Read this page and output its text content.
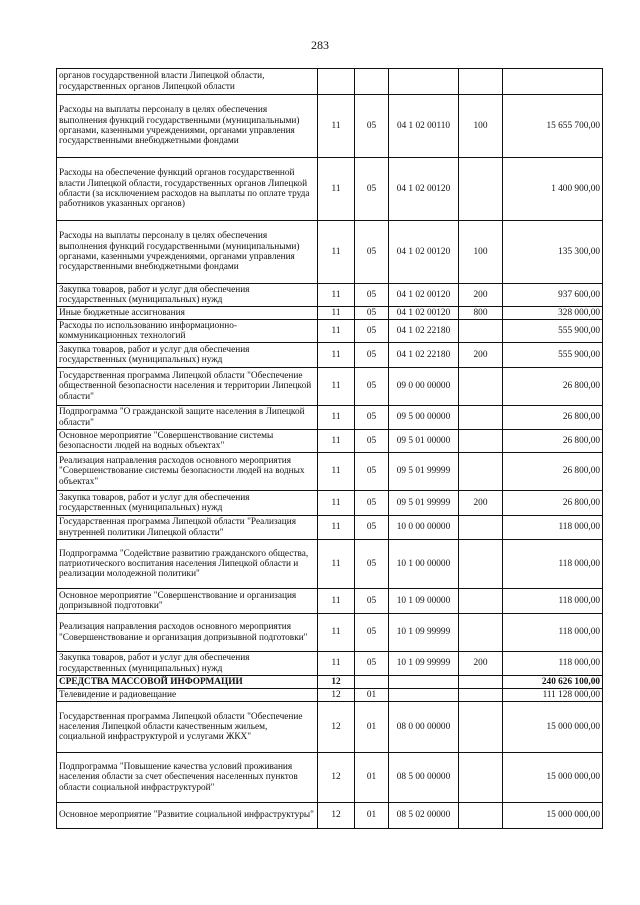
283
органов государственной власти Липецкой области, государственных органов Липецкой области					
Расходы на выплаты персоналу в целях обеспечения выполнения функций государственными (муниципальными) органами, казенными учреждениями, органами управления государственными внебюджетными фондами	11	05	04 1 02 00110	100	15 655 700,00
Расходы на обеспечение функций органов государственной власти Липецкой области, государственных органов Липецкой области (за исключением расходов на выплаты по оплате труда работников указанных органов)	11	05	04 1 02 00120		1 400 900,00
Расходы на выплаты персоналу в целях обеспечения выполнения функций государственными (муниципальными) органами, казенными учреждениями, органами управления государственными внебюджетными фондами	11	05	04 1 02 00120	100	135 300,00
Закупка товаров, работ и услуг для обеспечения государственных (муниципальных) нужд	11	05	04 1 02 00120	200	937 600,00
Иные бюджетные ассигнования	11	05	04 1 02 00120	800	328 000,00
Расходы по использованию информационно-коммуникационных технологий	11	05	04 1 02 22180		555 900,00
Закупка товаров, работ и услуг для обеспечения государственных (муниципальных) нужд	11	05	04 1 02 22180	200	555 900,00
Государственная программа Липецкой области "Обеспечение общественной безопасности населения и территории Липецкой области"	11	05	09 0 00 00000		26 800,00
Подпрограмма "О гражданской защите населения в Липецкой области"	11	05	09 5 00 00000		26 800,00
Основное мероприятие "Совершенствование системы безопасности людей на водных объектах"	11	05	09 5 01 00000		26 800,00
Реализация направления расходов основного мероприятия "Совершенствование системы безопасности людей на водных объектах"	11	05	09 5 01 99999		26 800,00
Закупка товаров, работ и услуг для обеспечения государственных (муниципальных) нужд	11	05	09 5 01 99999	200	26 800,00
Государственная программа Липецкой области "Реализация внутренней политики Липецкой области"	11	05	10 0 00 00000		118 000,00
Подпрограмма "Содействие развитию гражданского общества, патриотического воспитания населения Липецкой области и реализации молодежной политики"	11	05	10 1 00 00000		118 000,00
Основное мероприятие "Совершенствование и организация допризывной подготовки"	11	05	10 1 09 00000		118 000,00
Реализация направления расходов основного мероприятия "Совершенствование и организация допризывной подготовки"	11	05	10 1 09 99999		118 000,00
Закупка товаров, работ и услуг для обеспечения государственных (муниципальных) нужд	11	05	10 1 09 99999	200	118 000,00
СРЕДСТВА МАССОВОЙ ИНФОРМАЦИИ	12				240 626 100,00
Телевидение и радиовещание	12	01			111 128 000,00
Государственная программа Липецкой области "Обеспечение населения Липецкой области качественным жильем, социальной инфраструктурой и услугами ЖКХ"	12	01	08 0 00 00000		15 000 000,00
Подпрограмма "Повышение качества условий проживания населения области за счет обеспечения населенных пунктов области социальной инфраструктурой"	12	01	08 5 00 00000		15 000 000,00
Основное мероприятие "Развитие социальной инфраструктуры"	12	01	08 5 02 00000		15 000 000,00
